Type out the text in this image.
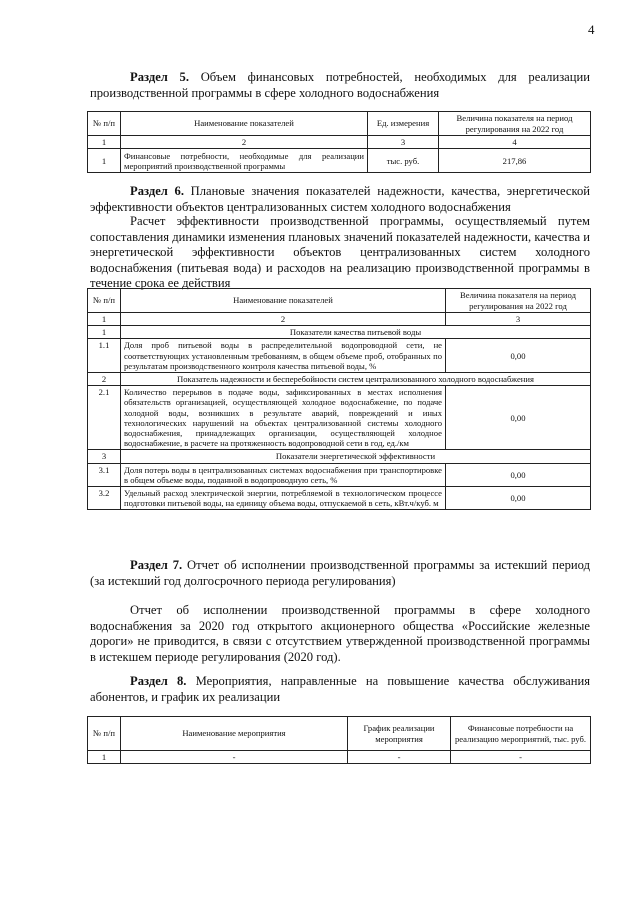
4
Раздел 5. Объем финансовых потребностей, необходимых для реализации производственной программы в сфере холодного водоснабжения
№ п/п	Наименование показателей	Ед. измерения	Величина показателя на период регулирования на 2022 год
1	2	3	4
1	Финансовые потребности, необходимые для реализации мероприятий производственной программы	тыс. руб.	217,86
Раздел 6. Плановые значения показателей надежности, качества, энергетической эффективности объектов централизованных систем холодного водоснабжения
Расчет эффективности производственной программы, осуществляемый путем сопоставления динамики изменения плановых значений показателей надежности, качества и энергетической эффективности объектов централизованных систем холодного водоснабжения (питьевая вода) и расходов на реализацию производственной программы в течение срока ее действия
№ п/п	Наименование показателей	Величина показателя на период регулирования на 2022 год
1	2	3
1	Показатели качества питьевой воды	
1.1	Доля проб питьевой воды в распределительной водопроводной сети, не соответствующих установленным требованиям, в общем объеме проб, отобранных по результатам производственного контроля качества питьевой воды, %	0,00
2	Показатель надежности и бесперебойности систем централизованного холодного водоснабжения	
2.1	Количество перерывов в подаче воды, зафиксированных в местах исполнения обязательств организацией, осуществляющей холодное водоснабжение, по подаче холодной воды, возникших в результате аварий, повреждений и иных технологических нарушений на объектах централизованной системы холодного водоснабжения, принадлежащих организации, осуществляющей холодное водоснабжение, в расчете на протяженность водопроводной сети в год, ед./км	0,00
3	Показатели энергетической эффективности	
3.1	Доля потерь воды в централизованных системах водоснабжения при транспортировке в общем объеме воды, поданной в водопроводную сеть, %	0,00
3.2	Удельный расход электрической энергии, потребляемой в технологическом процессе подготовки питьевой воды, на единицу объема воды, отпускаемой в сеть, кВт.ч/куб. м	0,00
Раздел 7. Отчет об исполнении производственной программы за истекший период (за истекший год долгосрочного периода регулирования)
Отчет об исполнении производственной программы в сфере холодного водоснабжения за 2020 год открытого акционерного общества «Российские железные дороги» не приводится, в связи с отсутствием утвержденной производственной программы в истекшем периоде регулирования (2020 год).
Раздел 8. Мероприятия, направленные на повышение качества обслуживания абонентов, и график их реализации
№ п/п	Наименование мероприятия	График реализации мероприятия	Финансовые потребности на реализацию мероприятий, тыс. руб.
1	-	-	-
